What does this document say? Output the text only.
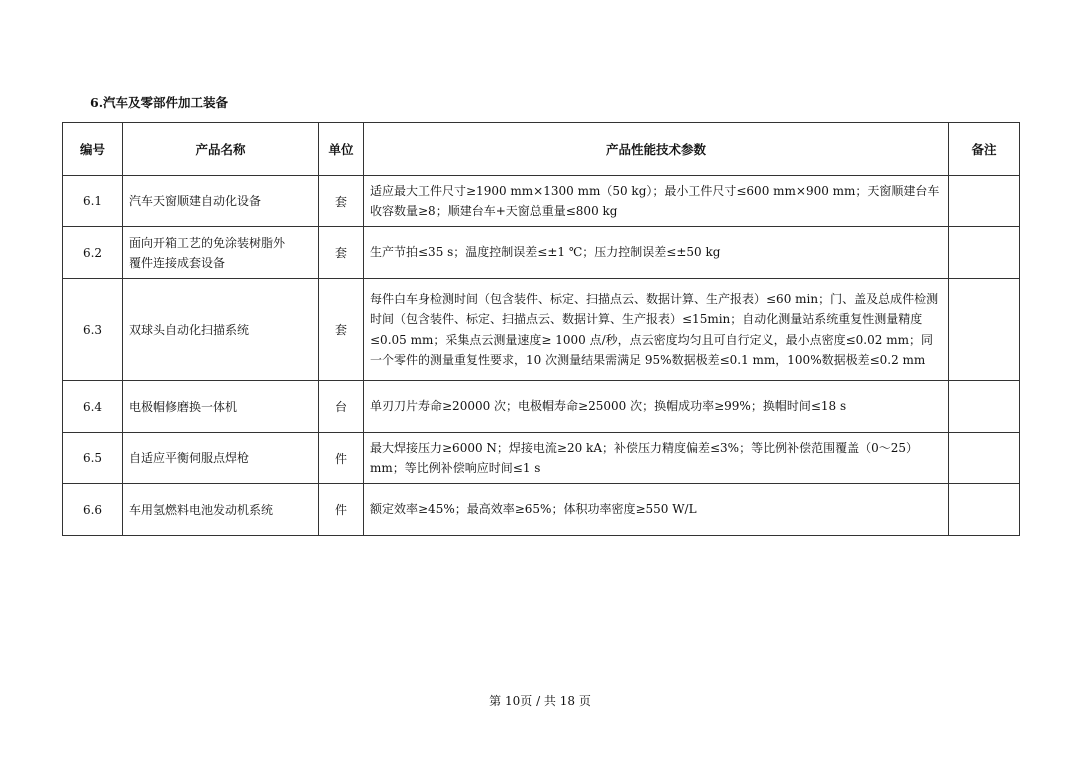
6.汽车及零部件加工装备
编号	产品名称	单位	产品性能技术参数	备注
6.1	汽车天窗顺建自动化设备	套	适应最大工件尺寸≥1900 mm×1300 mm（50 kg）；最小工件尺寸≤600 mm×900 mm；天窗顺建台车收容数量≥8；顺建台车+天窗总重量≤800 kg	
6.2	面向开箱工艺的免涂装树脂外覆件连接成套设备	套	生产节拍≤35 s；温度控制误差≤±1 ℃；压力控制误差≤±50 kg	
6.3	双球头自动化扫描系统	套	每件白车身检测时间（包含装件、标定、扫描点云、数据计算、生产报表）≤60 min；门、盖及总成件检测时间（包含装件、标定、扫描点云、数据计算、生产报表）≤15min；自动化测量站系统重复性测量精度≤0.05 mm；采集点云测量速度≥ 1000 点/秒，点云密度均匀且可自行定义，最小点密度≤0.02 mm；同一个零件的测量重复性要求，10 次测量结果需满足 95%数据极差≤0.1 mm，100%数据极差≤0.2 mm	
6.4	电极帽修磨换一体机	台	单刃刀片寿命≥20000 次；电极帽寿命≥25000 次；换帽成功率≥99%；换帽时间≤18 s	
6.5	自适应平衡伺服点焊枪	件	最大焊接压力≥6000 N；焊接电流≥20 kA；补偿压力精度偏差≤3%；等比例补偿范围覆盖（0～25）mm；等比例补偿响应时间≤1 s	
6.6	车用氢燃料电池发动机系统	件	额定效率≥45%；最高效率≥65%；体积功率密度≥550 W/L	
第 10页 / 共 18 页
